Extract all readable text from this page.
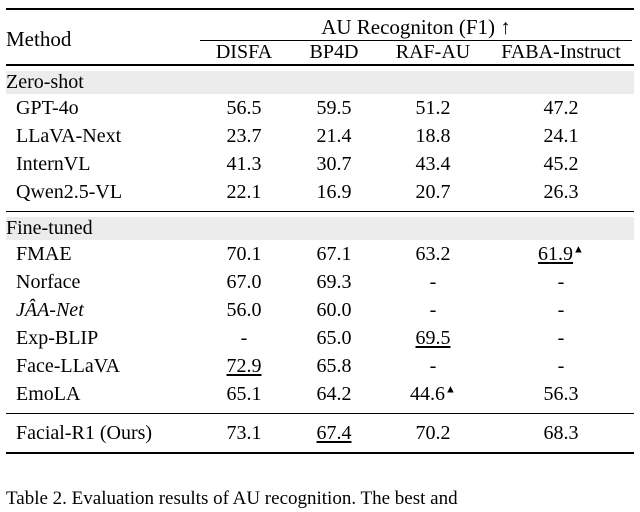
Method	AU Recogniton (F1) ↑			

	DISFA	BP4D	RAF-AU	FABA-Instruct

Zero-shot				
GPT-4o	56.5	59.5	51.2	47.2
LLaVA-Next	23.7	21.4	18.8	24.1
InternVL	41.3	30.7	43.4	45.2
Qwen2.5-VL	22.1	16.9	20.7	26.3

Fine-tuned				
FMAE	70.1	67.1	63.2	61.9▲
Norface	67.0	69.3	-	-
JÂA-Net	56.0	60.0	-	-
Exp-BLIP	-	65.0	69.5	-
Face-LLaVA	72.9	65.8	-	-
EmoLA	65.1	64.2	44.6▲	56.3

Facial-R1 (Ours)	73.1	67.4	70.2	68.3

Table 2. Evaluation results of AU recognition. The best and
